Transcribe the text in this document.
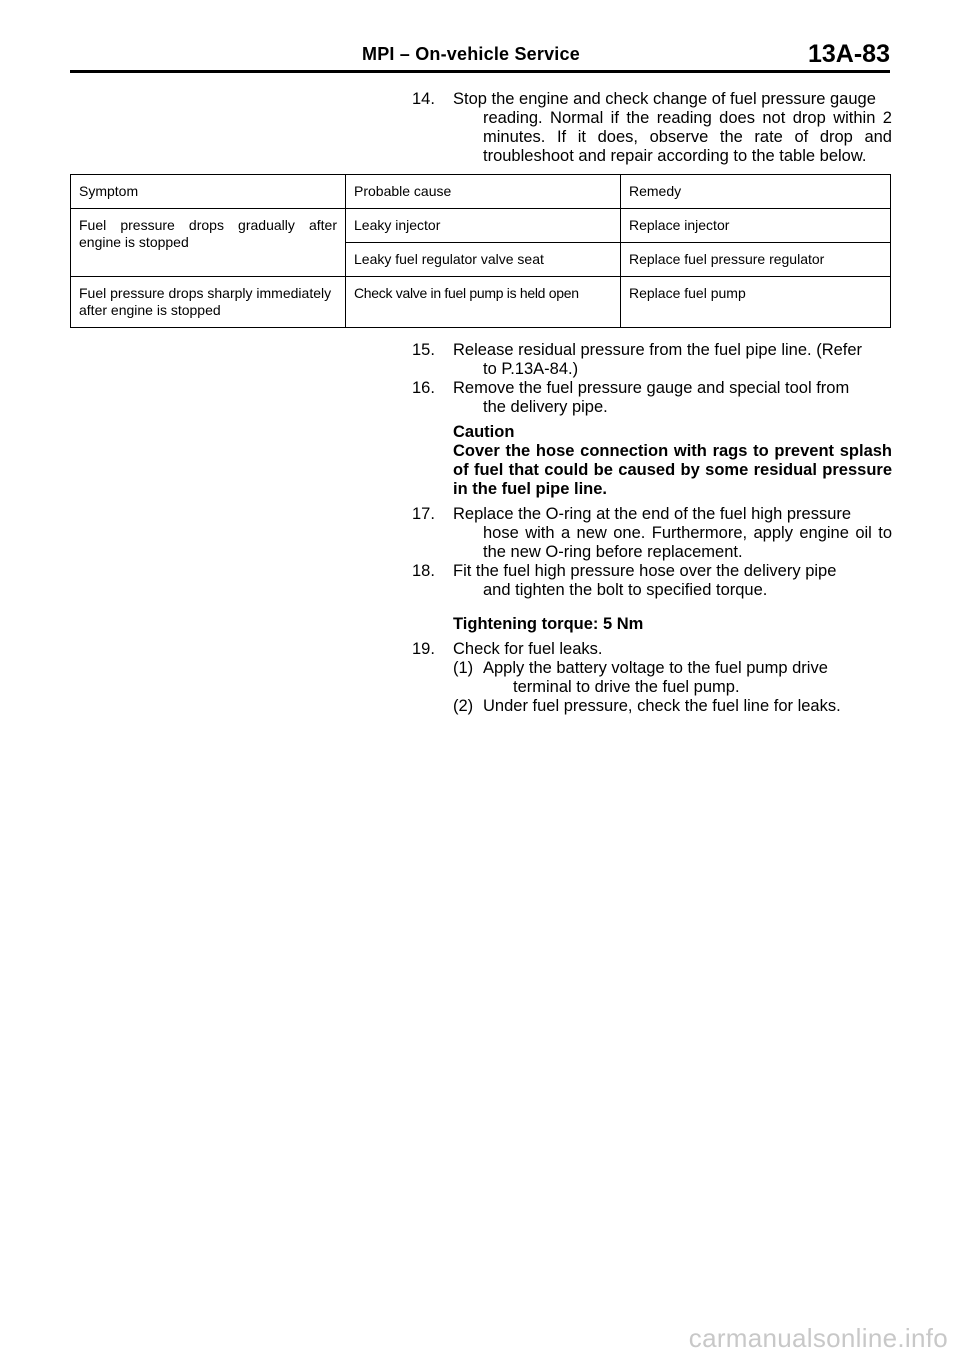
MPI – On-vehicle Service	13A-83
14. Stop the engine and check change of fuel pressure gauge
reading. Normal if the reading does not drop within 2 minutes. If it does, observe the rate of drop and troubleshoot and repair according to the table below.
Symptom	Probable cause	Remedy
Fuel pressure drops gradually after engine is stopped	Leaky injector	Replace injector
	Leaky fuel regulator valve seat	Replace fuel pressure regulator
Fuel pressure drops sharply immediately after engine is stopped	Check valve in fuel pump is held open	Replace fuel pump
15. Release residual pressure from the fuel pipe line. (Refer
to P.13A-84.)
16. Remove the fuel pressure gauge and special tool from
the delivery pipe.
Caution
Cover the hose connection with rags to prevent splash of fuel that could be caused by some residual pressure in the fuel pipe line.
17. Replace the O-ring at the end of the fuel high pressure
hose with a new one. Furthermore, apply engine oil to the new O-ring before replacement.
18. Fit the fuel high pressure hose over the delivery pipe
and tighten the bolt to specified torque.
Tightening torque: 5 Nm
19. Check for fuel leaks.
(1) Apply the battery voltage to the fuel pump drive
terminal to drive the fuel pump.
(2) Under fuel pressure, check the fuel line for leaks.
carmanualsonline.info
